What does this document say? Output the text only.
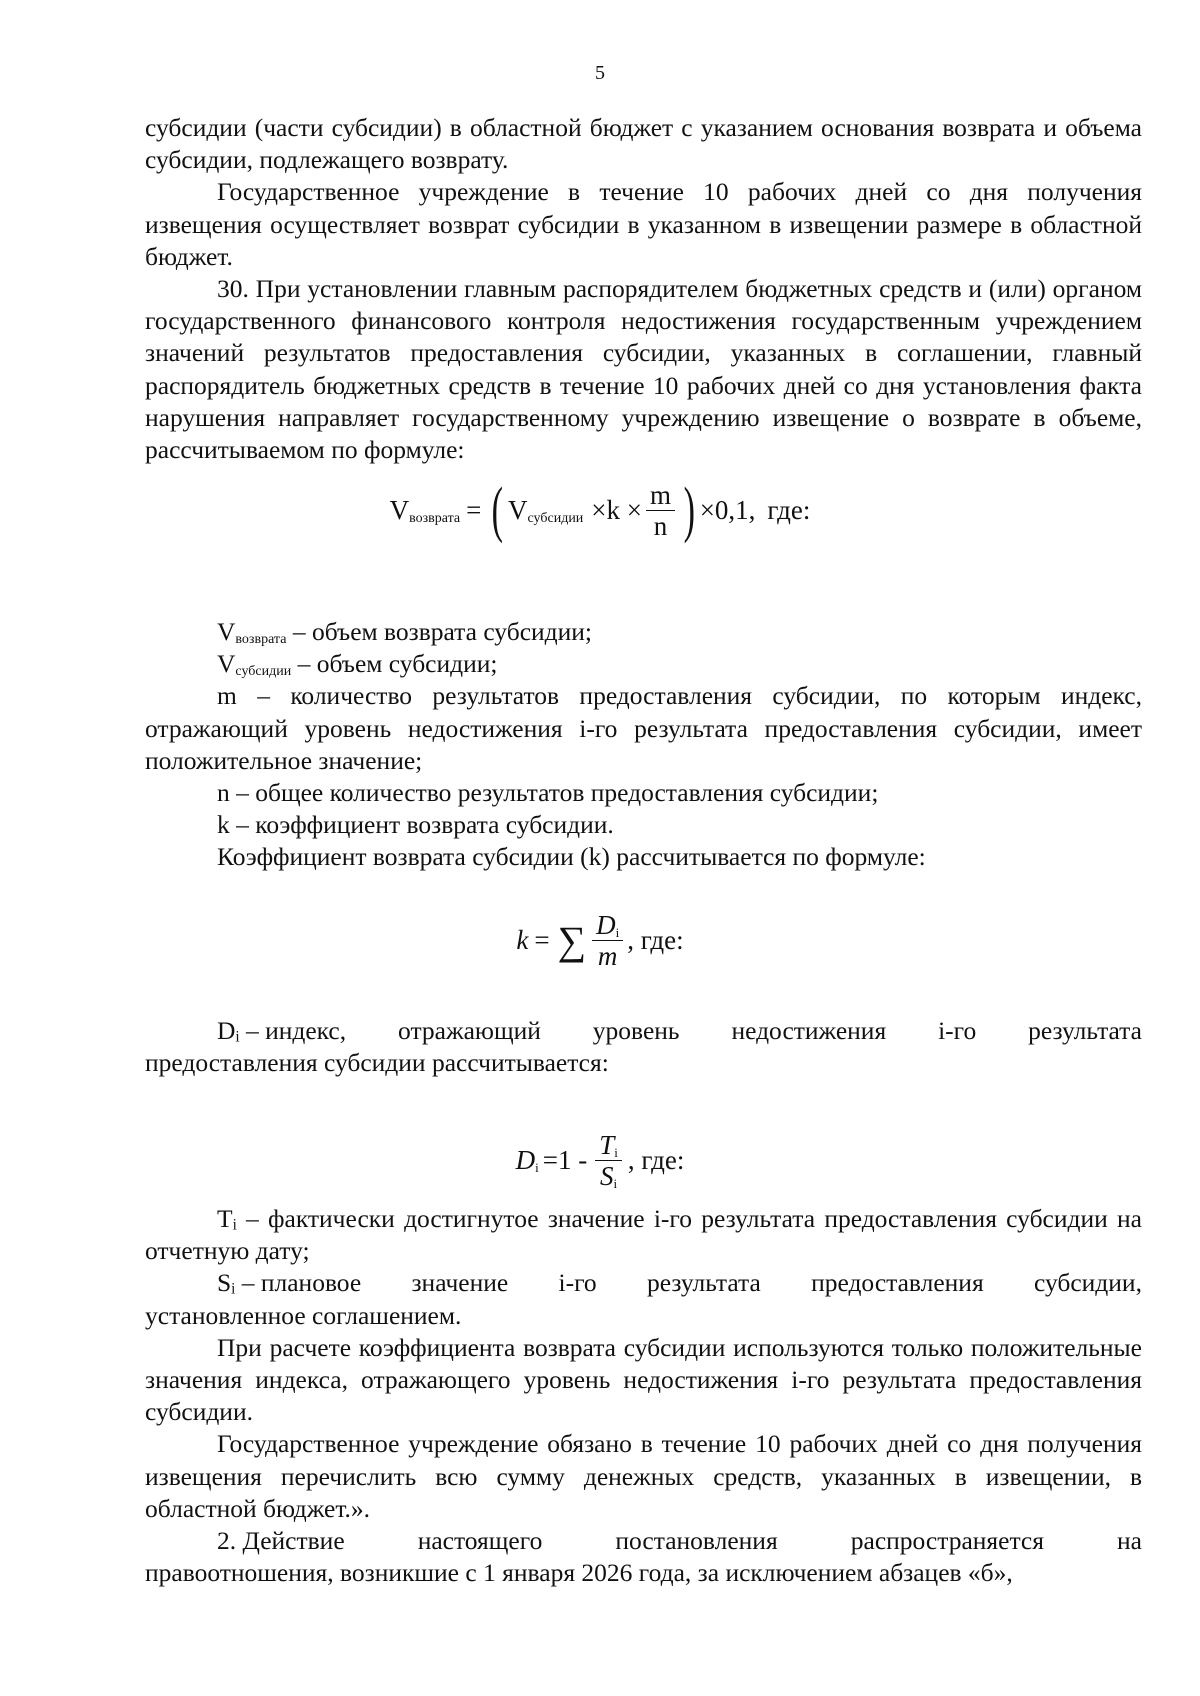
5

субсидии (части субсидии) в областной бюджет с указанием основания возврата и объема субсидии, подлежащего возврату.

Государственное учреждение в течение 10 рабочих дней со дня получения извещения осуществляет возврат субсидии в указанном в извещении размере в областной бюджет.

30. При установлении главным распорядителем бюджетных средств и (или) органом государственного финансового контроля недостижения государственным учреждением значений результатов предоставления субсидии, указанных в соглашении, главный распорядитель бюджетных средств в течение 10 рабочих дней со дня установления факта нарушения направляет государственному учреждению извещение о возврате в объеме, рассчитываемом по формуле:

$V_{возврата}$ = ( $V_{субсидии} \times k \times \frac{m}{n}$ ) ×0,1, где:

$V_{возврата}$ – объем возврата субсидии;

$V_{субсидии}$ – объем субсидии;

m – количество результатов предоставления субсидии, по которым индекс, отражающий уровень недостижения i-го результата предоставления субсидии, имеет положительное значение;

n – общее количество результатов предоставления субсидии;

k – коэффициент возврата субсидии.

Коэффициент возврата субсидии (k) рассчитывается по формуле:

k = ∑ $\frac{D_i}{m}$ , где:
Dᵢ – индекс, отражающий уровень недостижения i-го результата

предоставления субсидии рассчитывается:

$D_i =1 - \frac{T_i}{S_i}$ , где:

Tᵢ – фактически достигнутое значение i-го результата предоставления субсидии на отчетную дату;

Sᵢ – плановое значение i-го результата предоставления субсидии,

установленное соглашением.

При расчете коэффициента возврата субсидии используются только положительные значения индекса, отражающего уровень недостижения i-го результата предоставления субсидии.

Государственное учреждение обязано в течение 10 рабочих дней со дня получения извещения перечислить всю сумму денежных средств, указанных в извещении, в областной бюджет.».

2. Действие	настоящего	постановления	распространяется	на

правоотношения, возникшие с 1 января 2026 года, за исключением абзацев «б»,
